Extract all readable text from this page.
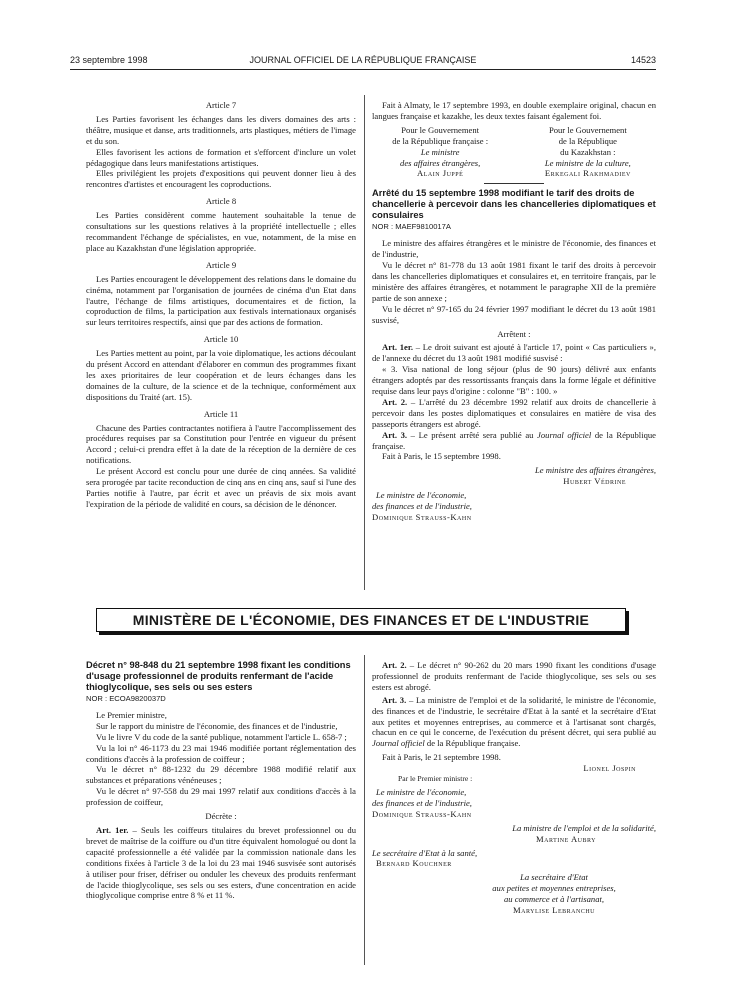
23 septembre 1998	JOURNAL OFFICIEL DE LA RÉPUBLIQUE FRANÇAISE	14523

Article 7

Les Parties favorisent les échanges dans les divers domaines des arts : théâtre, musique et danse, arts traditionnels, arts plastiques, métiers de l'image et du son.

Elles favorisent les actions de formation et s'efforcent d'inclure un volet pédagogique dans leurs manifestations artistiques.

Elles privilégient les projets d'expositions qui peuvent donner lieu à des rencontres d'artistes et encouragent les coproductions.

Article 8

Les Parties considèrent comme hautement souhaitable la tenue de consultations sur les questions relatives à la propriété intellectuelle ; elles recommandent l'échange de spécialistes, en vue, notamment, de la mise en place au Kazakhstan d'une législation appropriée.

Article 9

Les Parties encouragent le développement des relations dans le domaine du cinéma, notamment par l'organisation de journées de cinéma d'un Etat dans l'autre, l'échange de films artistiques, documentaires et de fiction, la coproduction de films, la participation aux festivals internationaux organisés sur leurs territoires respectifs, ainsi que par des actions de formation.

Article 10

Les Parties mettent au point, par la voie diplomatique, les actions découlant du présent Accord en attendant d'élaborer en commun des programmes fixant les axes prioritaires de leur coopération et de leurs échanges dans les domaines de la culture, de la science et de la technique, conformément aux dispositions du Traité (art. 15).

Article 11

Chacune des Parties contractantes notifiera à l'autre l'accomplissement des procédures requises par sa Constitution pour l'entrée en vigueur du présent Accord ; celui-ci prendra effet à la date de la réception de la dernière de ces notifications.

Le présent Accord est conclu pour une durée de cinq années. Sa validité sera prorogée par tacite reconduction de cinq ans en cinq ans, sauf si l'une des Parties notifie à l'autre, par écrit et avec un préavis de six mois avant l'expiration de la période de validité en cours, sa décision de le dénoncer.

Fait à Almaty, le 17 septembre 1993, en double exemplaire original, chacun en langues française et kazakhe, les deux textes faisant également foi.

Pour le Gouvernement
de la République française :
Le ministre
des affaires étrangères,
Alain Juppé
Pour le Gouvernement
de la République
du Kazakhstan :
Le ministre de la culture,
Erkegali Rakhmadiev

Arrêté du 15 septembre 1998 modifiant le tarif des droits de chancellerie à percevoir dans les chancelleries diplomatiques et consulaires

NOR : MAEF9810017A

Le ministre des affaires étrangères et le ministre de l'économie, des finances et de l'industrie,

Vu le décret n° 81-778 du 13 août 1981 fixant le tarif des droits à percevoir dans les chancelleries diplomatiques et consulaires et, en territoire français, par le ministère des affaires étrangères, et notamment le paragraphe XII de la première partie de son annexe ;

Vu le décret n° 97-165 du 24 février 1997 modifiant le décret du 13 août 1981 susvisé,

Arrêtent :

Art. 1er. – Le droit suivant est ajouté à l'article 17, point « Cas particuliers », de l'annexe du décret du 13 août 1981 modifié susvisé :

« 3. Visa national de long séjour (plus de 90 jours) délivré aux enfants étrangers adoptés par des ressortissants français dans la forme légale et définitive requise dans leur pays d'origine : colonne "B" : 100. »

Art. 2. – L'arrêté du 23 décembre 1992 relatif aux droits de chancellerie à percevoir dans les postes diplomatiques et consulaires en matière de visa des passeports étrangers est abrogé.

Art. 3. – Le présent arrêté sera publié au Journal officiel de la République française.

Fait à Paris, le 15 septembre 1998.

Le ministre des affaires étrangères,

Hubert Védrine

Le ministre de l'économie,

des finances et de l'industrie,

Dominique Strauss-Kahn

MINISTÈRE DE L'ÉCONOMIE, DES FINANCES ET DE L'INDUSTRIE

Décret n° 98-848 du 21 septembre 1998 fixant les conditions d'usage professionnel de produits renfermant de l'acide thioglycolique, ses sels ou ses esters

NOR : ECOA9820037D

Le Premier ministre,

Sur le rapport du ministre de l'économie, des finances et de l'industrie,

Vu le livre V du code de la santé publique, notamment l'article L. 658-7 ;

Vu la loi n° 46-1173 du 23 mai 1946 modifiée portant réglementation des conditions d'accès à la profession de coiffeur ;

Vu le décret n° 88-1232 du 29 décembre 1988 modifié relatif aux substances et préparations vénéneuses ;

Vu le décret n° 97-558 du 29 mai 1997 relatif aux conditions d'accès à la profession de coiffeur,

Décrète :

Art. 1er. – Seuls les coiffeurs titulaires du brevet professionnel ou du brevet de maîtrise de la coiffure ou d'un titre équivalent homologué ou dont la capacité professionnelle a été validée par la commission nationale dans les conditions fixées à l'article 3 de la loi du 23 mai 1946 susvisée sont autorisés à utiliser pour friser, défriser ou onduler les cheveux des produits renfermant de l'acide thioglycolique, ses sels ou ses esters, d'une concentration en acide thioglycolique comprise entre 8 % et 11 %.

Art. 2. – Le décret n° 90-262 du 20 mars 1990 fixant les conditions d'usage professionnel de produits renfermant de l'acide thioglycolique, ses sels ou ses esters est abrogé.

Art. 3. – La ministre de l'emploi et de la solidarité, le ministre de l'économie, des finances et de l'industrie, le secrétaire d'Etat à la santé et la secrétaire d'Etat aux petites et moyennes entreprises, au commerce et à l'artisanat sont chargés, chacun en ce qui le concerne, de l'exécution du présent décret, qui sera publié au Journal officiel de la République française.

Fait à Paris, le 21 septembre 1998.

Lionel Jospin

Par le Premier ministre :

Le ministre de l'économie,

des finances et de l'industrie,

Dominique Strauss-Kahn

La ministre de l'emploi et de la solidarité,

Martine Aubry

Le secrétaire d'Etat à la santé,

Bernard Kouchner

La secrétaire d'Etat

aux petites et moyennes entreprises,

au commerce et à l'artisanat,

Marylise Lebranchu
